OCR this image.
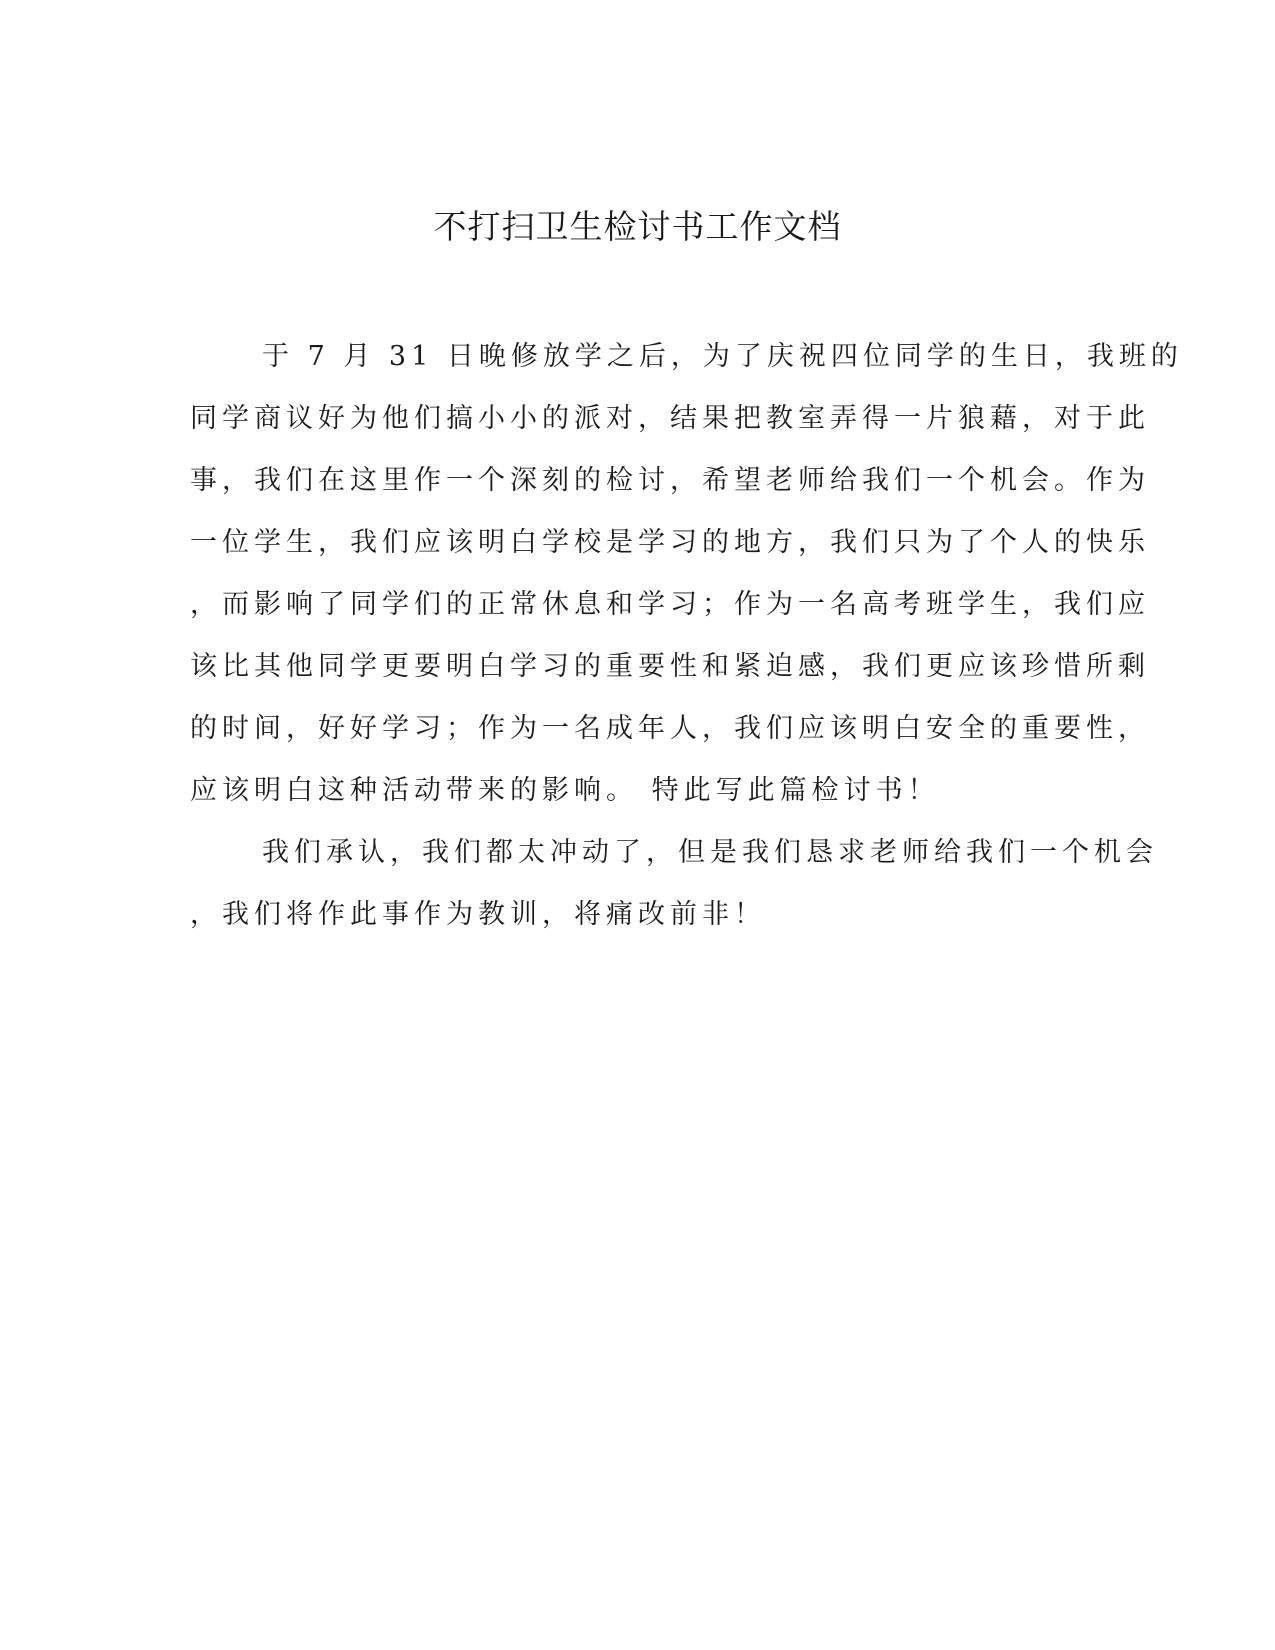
不打扫卫生检讨书工作文档
于 7 月 31 日晚修放学之后，为了庆祝四位同学的生日，我班的
同学商议好为他们搞小小的派对，结果把教室弄得一片狼藉，对于此
事，我们在这里作一个深刻的检讨，希望老师给我们一个机会。作为
一位学生，我们应该明白学校是学习的地方，我们只为了个人的快乐
，而影响了同学们的正常休息和学习；作为一名高考班学生，我们应
该比其他同学更要明白学习的重要性和紧迫感，我们更应该珍惜所剩
的时间，好好学习；作为一名成年人，我们应该明白安全的重要性，
应该明白这种活动带来的影响。 特此写此篇检讨书！
我们承认，我们都太冲动了，但是我们恳求老师给我们一个机会
，我们将作此事作为教训，将痛改前非！
